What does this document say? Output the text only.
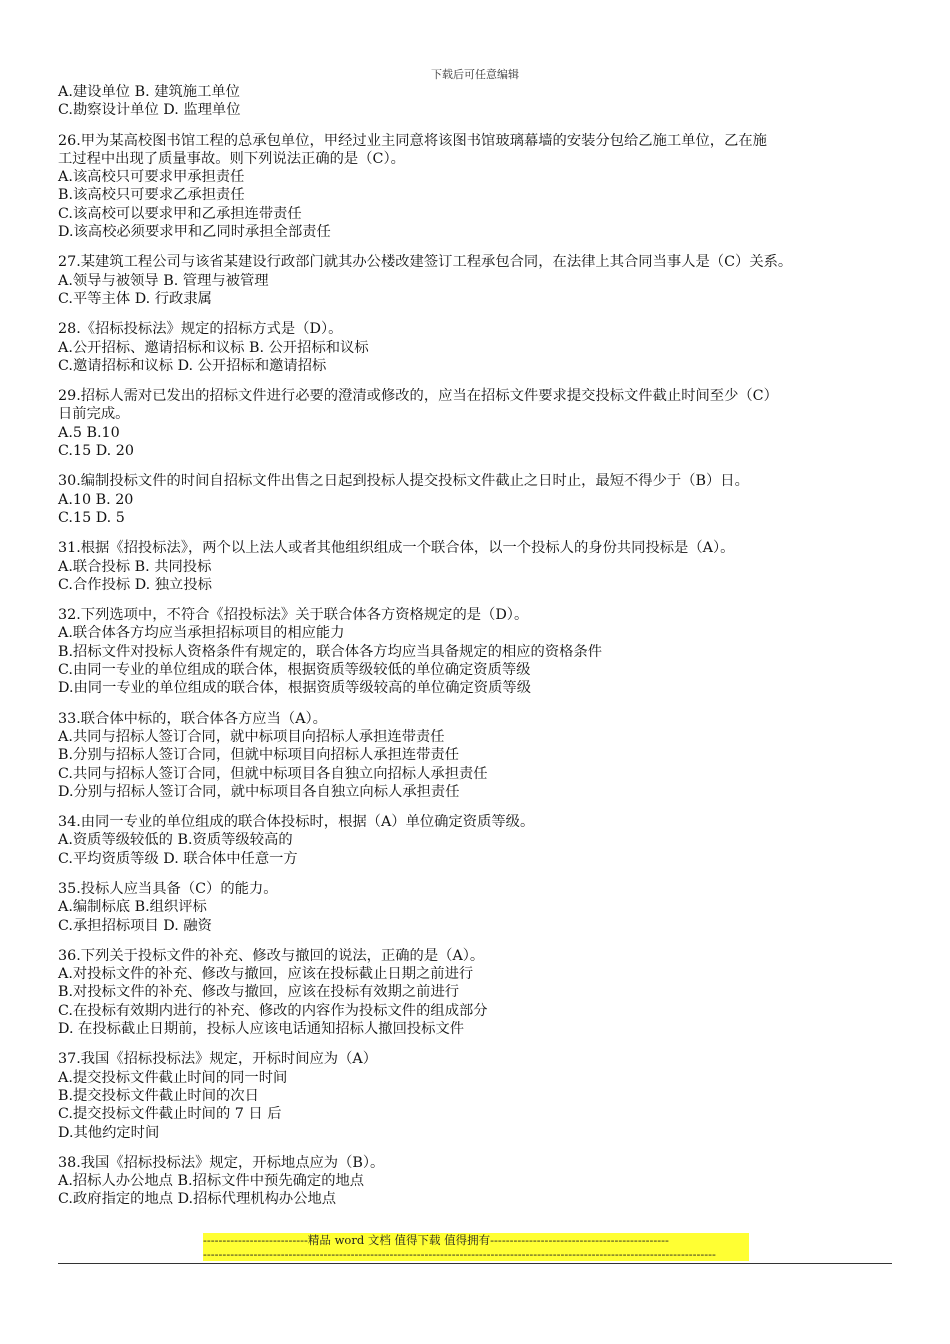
下载后可任意编辑

A.建设单位 B. 建筑施工单位

C.勘察设计单位 D. 监理单位

26.甲为某高校图书馆工程的总承包单位，甲经过业主同意将该图书馆玻璃幕墙的安装分包给乙施工单位，乙在施

工过程中出现了质量事故。则下列说法正确的是（C）。

A.该高校只可要求甲承担责任

B.该高校只可要求乙承担责任

C.该高校可以要求甲和乙承担连带责任

D.该高校必须要求甲和乙同时承担全部责任

27.某建筑工程公司与该省某建设行政部门就其办公楼改建签订工程承包合同，在法律上其合同当事人是（C）关系。

A.领导与被领导 B. 管理与被管理

C.平等主体 D. 行政隶属

28.《招标投标法》规定的招标方式是（D）。

A.公开招标、邀请招标和议标 B. 公开招标和议标

C.邀请招标和议标 D. 公开招标和邀请招标

29.招标人需对已发出的招标文件进行必要的澄清或修改的，应当在招标文件要求提交投标文件截止时间至少（C）

日前完成。

A.5 B.10

C.15 D. 20

30.编制投标文件的时间自招标文件出售之日起到投标人提交投标文件截止之日时止，最短不得少于（B）日。

A.10 B. 20

C.15 D. 5

31.根据《招投标法》，两个以上法人或者其他组织组成一个联合体，以一个投标人的身份共同投标是（A）。

A.联合投标 B. 共同投标

C.合作投标 D. 独立投标

32.下列选项中，不符合《招投标法》关于联合体各方资格规定的是（D）。

A.联合体各方均应当承担招标项目的相应能力

B.招标文件对投标人资格条件有规定的，联合体各方均应当具备规定的相应的资格条件

C.由同一专业的单位组成的联合体，根据资质等级较低的单位确定资质等级

D.由同一专业的单位组成的联合体，根据资质等级较高的单位确定资质等级

33.联合体中标的，联合体各方应当（A）。

A.共同与招标人签订合同，就中标项目向招标人承担连带责任

B.分别与招标人签订合同，但就中标项目向招标人承担连带责任

C.共同与招标人签订合同，但就中标项目各自独立向招标人承担责任

D.分别与招标人签订合同，就中标项目各自独立向标人承担责任

34.由同一专业的单位组成的联合体投标时，根据（A）单位确定资质等级。

A.资质等级较低的 B.资质等级较高的

C.平均资质等级 D. 联合体中任意一方

35.投标人应当具备（C）的能力。

A.编制标底 B.组织评标

C.承担招标项目 D. 融资

36.下列关于投标文件的补充、修改与撤回的说法，正确的是（A）。

A.对投标文件的补充、修改与撤回，应该在投标截止日期之前进行

B.对投标文件的补充、修改与撤回，应该在投标有效期之前进行

C.在投标有效期内进行的补充、修改的内容作为投标文件的组成部分

D. 在投标截止日期前，投标人应该电话通知招标人撤回投标文件

37.我国《招标投标法》规定，开标时间应为（A）

A.提交投标文件截止时间的同一时间

B.提交投标文件截止时间的次日

C.提交投标文件截止时间的 7 日 后

D.其他约定时间

38.我国《招标投标法》规定，开标地点应为（B）。

A.招标人办公地点 B.招标文件中预先确定的地点

C.政府指定的地点 D.招标代理机构办公地点

---------------------------精品 word 文档 值得下载 值得拥有----------------------------------------------
------------------------------------------------------------------------------------------------------------------------------------
